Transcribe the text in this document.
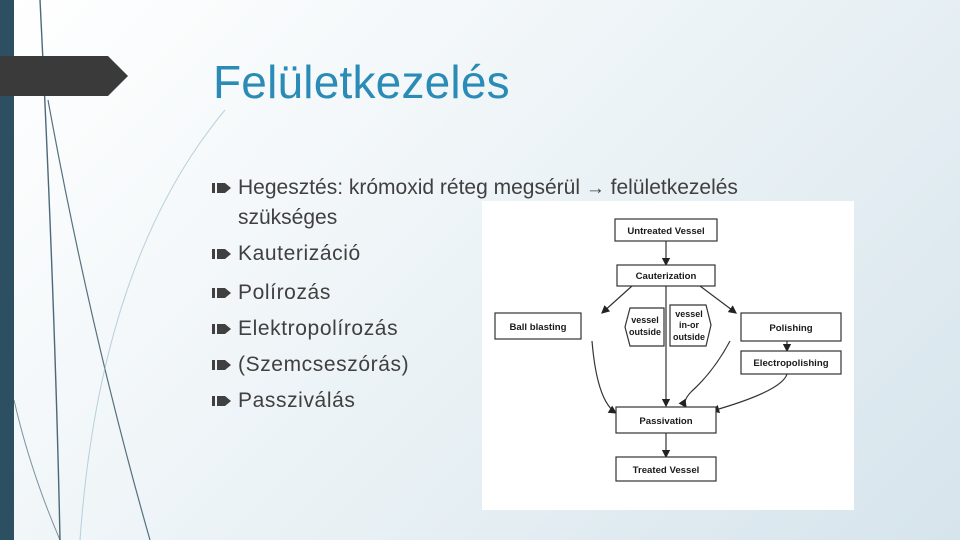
Felületkezelés
Hegesztés: krómoxid réteg megsérül → felületkezelés
szükséges
Kauterizáció
Polírozás
Elektropolírozás
(Szemcseszórás)
Passziválás
Untreated Vessel
Cauterization
Ball blasting
vessel
outside
vessel
in-or
outside
Polishing
Electropolishing
Passivation
Treated Vessel
